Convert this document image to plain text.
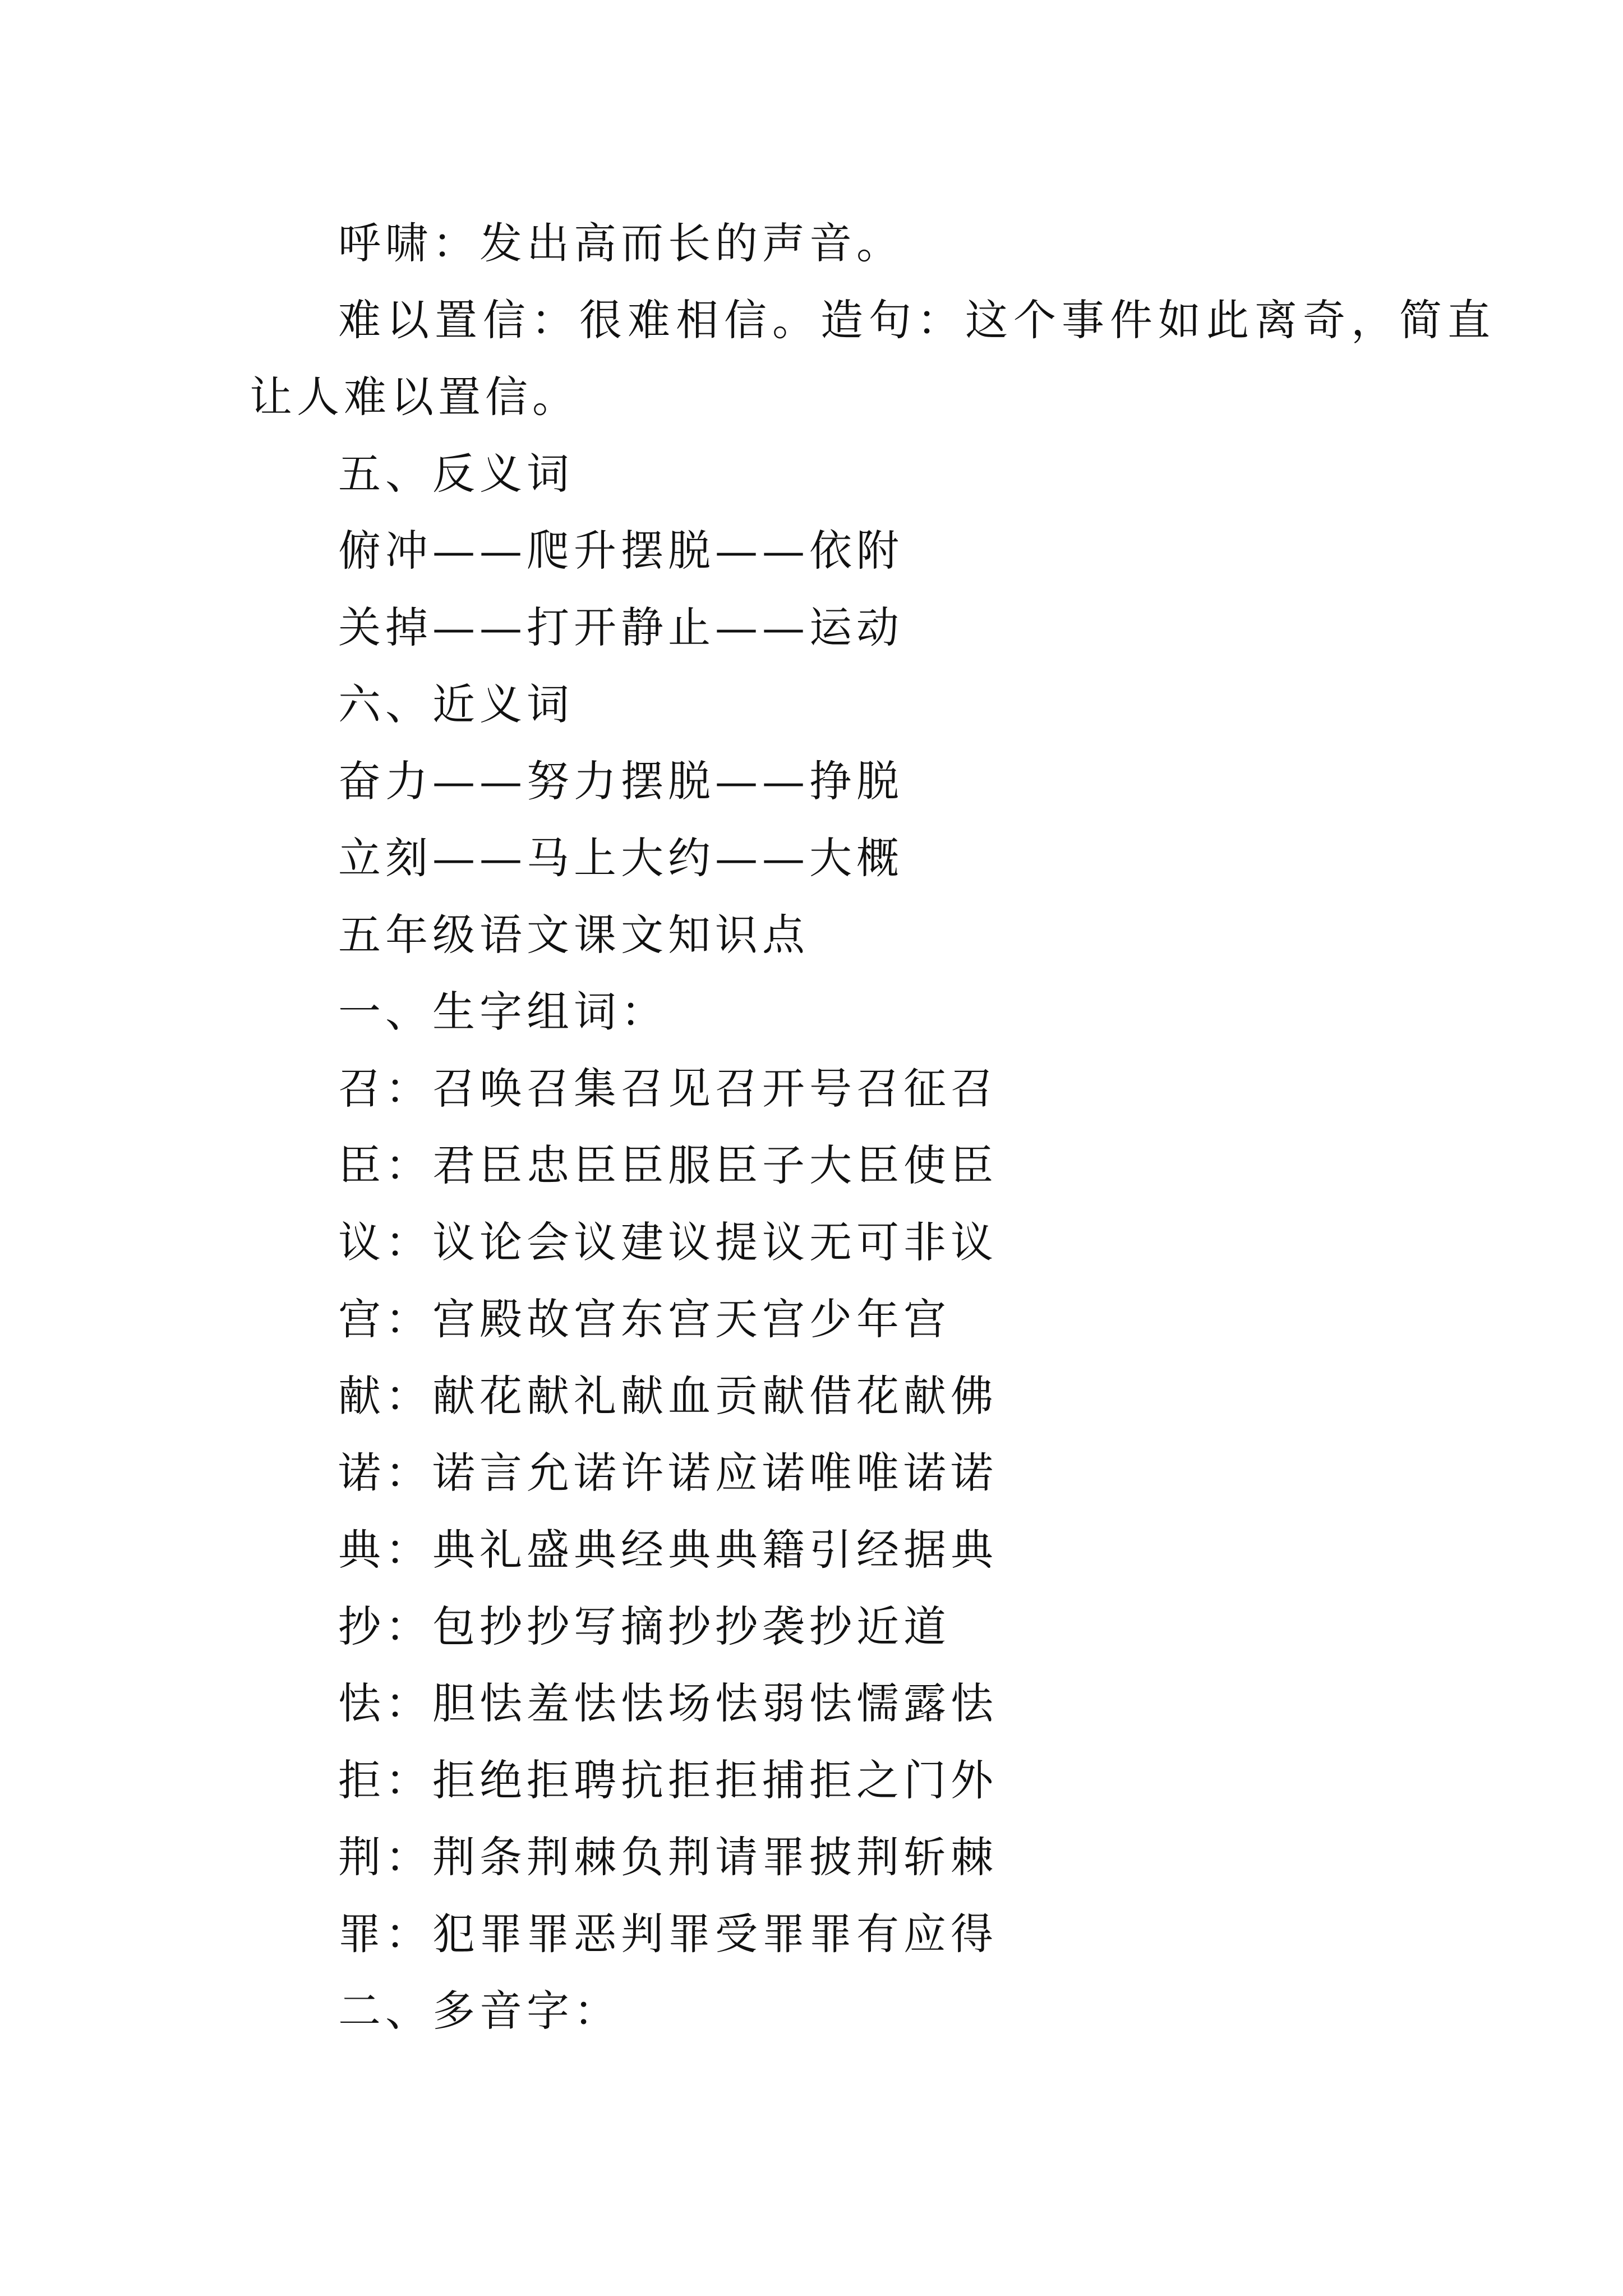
呼啸：发出高而长的声音。
难以置信：很难相信。造句：这个事件如此离奇，简直
让人难以置信。
五、反义词
俯冲——爬升摆脱——依附
关掉——打开静止——运动
六、近义词
奋力——努力摆脱——挣脱
立刻——马上大约——大概
五年级语文课文知识点
一、生字组词：
召：召唤召集召见召开号召征召
臣：君臣忠臣臣服臣子大臣使臣
议：议论会议建议提议无可非议
宫：宫殿故宫东宫天宫少年宫
献：献花献礼献血贡献借花献佛
诺：诺言允诺许诺应诺唯唯诺诺
典：典礼盛典经典典籍引经据典
抄：包抄抄写摘抄抄袭抄近道
怯：胆怯羞怯怯场怯弱怯懦露怯
拒：拒绝拒聘抗拒拒捕拒之门外
荆：荆条荆棘负荆请罪披荆斩棘
罪：犯罪罪恶判罪受罪罪有应得
二、多音字：
